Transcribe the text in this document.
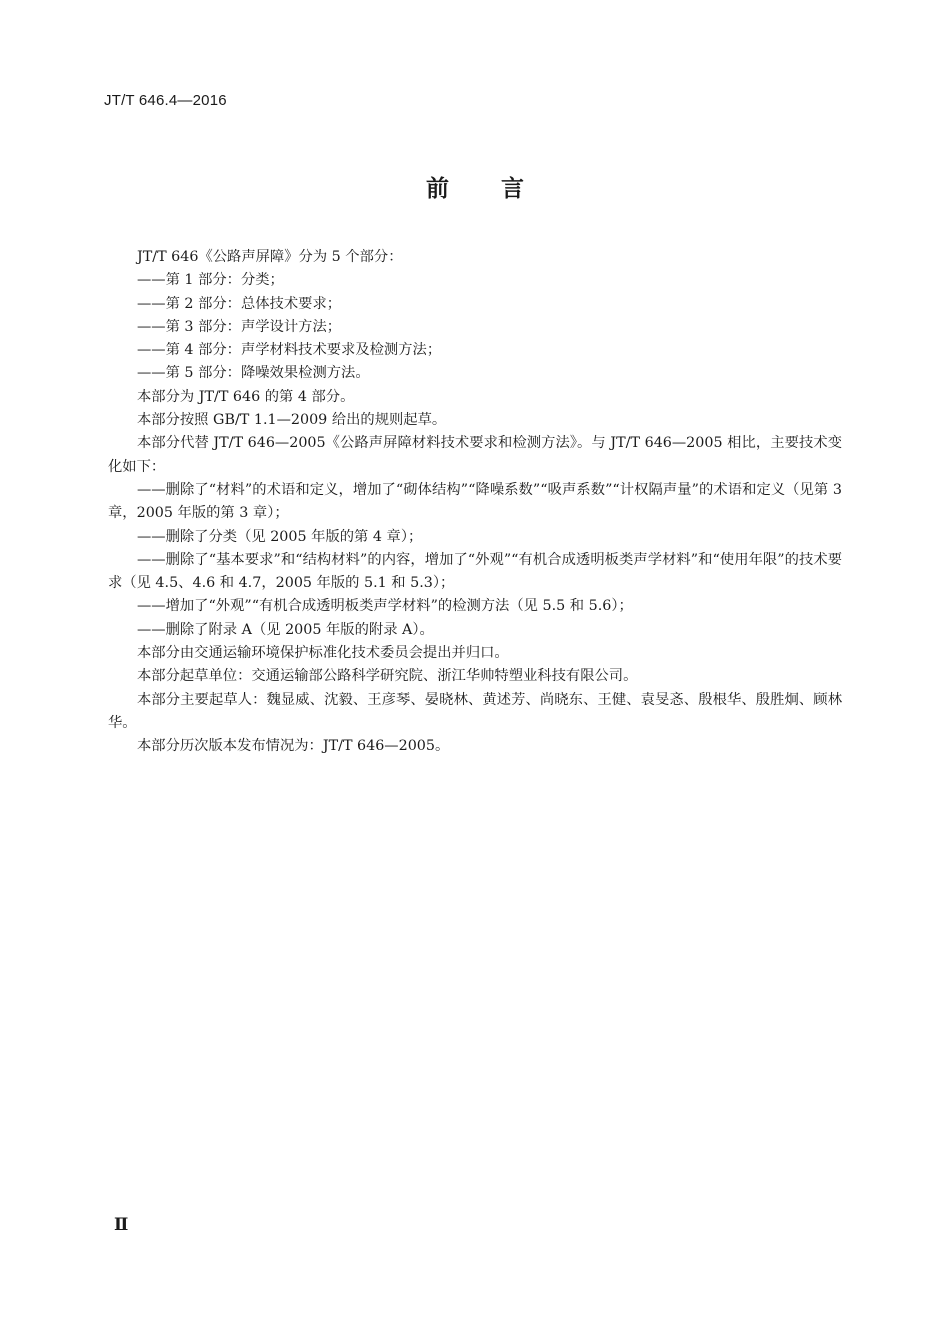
JT/T 646.4—2016
前言

JT/T 646《公路声屏障》分为 5 个部分：

——第 1 部分：分类；

——第 2 部分：总体技术要求；

——第 3 部分：声学设计方法；

——第 4 部分：声学材料技术要求及检测方法；

——第 5 部分：降噪效果检测方法。

本部分为 JT/T 646 的第 4 部分。

本部分按照 GB/T 1.1—2009 给出的规则起草。

本部分代替 JT/T 646—2005《公路声屏障材料技术要求和检测方法》。与 JT/T 646—2005 相比，主要技术变化如下：

——删除了“材料”的术语和定义，增加了“砌体结构”“降噪系数”“吸声系数”“计权隔声量”的术语和定义（见第 3 章，2005 年版的第 3 章）；

——删除了分类（见 2005 年版的第 4 章）；

——删除了“基本要求”和“结构材料”的内容，增加了“外观”“有机合成透明板类声学材料”和“使用年限”的技术要求（见 4.5、4.6 和 4.7，2005 年版的 5.1 和 5.3）；

——增加了“外观”“有机合成透明板类声学材料”的检测方法（见 5.5 和 5.6）；

——删除了附录 A（见 2005 年版的附录 A）。

本部分由交通运输环境保护标准化技术委员会提出并归口。

本部分起草单位：交通运输部公路科学研究院、浙江华帅特塑业科技有限公司。

本部分主要起草人：魏显威、沈毅、王彦琴、晏晓林、黄述芳、尚晓东、王健、袁旻忞、殷根华、殷胜炯、顾林华。

本部分历次版本发布情况为：JT/T 646—2005。

Ⅱ
